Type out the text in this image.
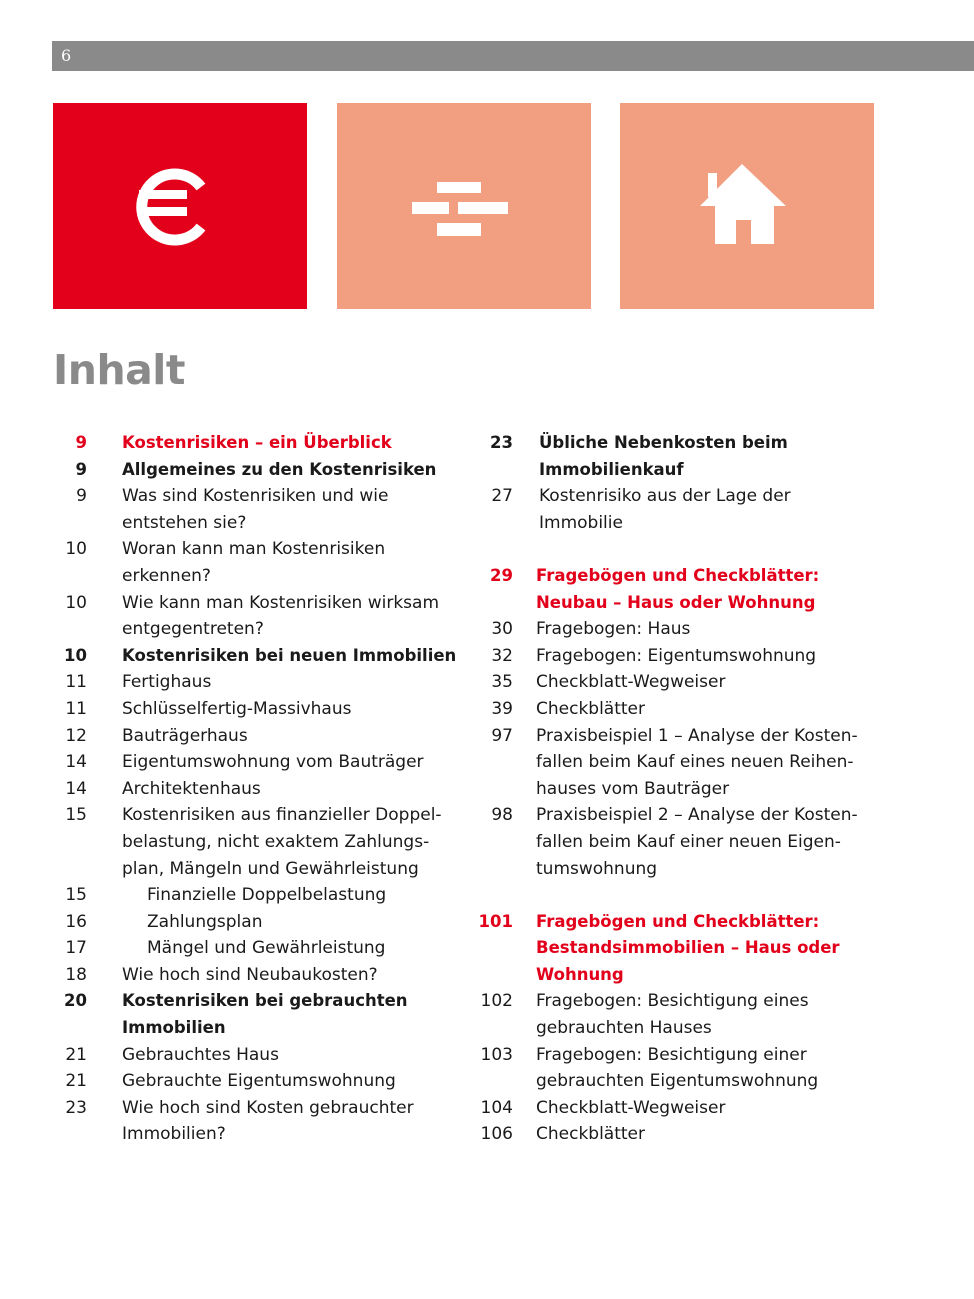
6
Inhalt
9 Kostenrisiken – ein Überblick
9 Allgemeines zu den Kostenrisiken
9 Was sind Kostenrisiken und wie
entstehen sie?
10 Woran kann man Kostenrisiken
erkennen?
10 Wie kann man Kostenrisiken wirksam
entgegentreten?
10 Kostenrisiken bei neuen Immobilien
11 Fertighaus
11 Schlüsselfertig-Massivhaus
12 Bauträgerhaus
14 Eigentumswohnung vom Bauträger
14 Architektenhaus
15 Kostenrisiken aus finanzieller Doppel-
belastung, nicht exaktem Zahlungs-
plan, Mängeln und Gewährleistung
15	Finanzielle Doppelbelastung
16	Zahlungsplan
17	Mängel und Gewährleistung
18 Wie hoch sind Neubaukosten?
20 Kostenrisiken bei gebrauchten
Immobilien
21 Gebrauchtes Haus
21 Gebrauchte Eigentumswohnung
23 Wie hoch sind Kosten gebrauchter
Immobilien?
23 Übliche Nebenkosten beim
Immobilienkauf
27 Kostenrisiko aus der Lage der
Immobilie
29 Fragebögen und Checkblätter:
Neubau – Haus oder Wohnung
30 Fragebogen: Haus
32 Fragebogen: Eigentumswohnung
35 Checkblatt-Wegweiser
39 Checkblätter
97 Praxisbeispiel 1 – Analyse der Kosten-
fallen beim Kauf eines neuen Reihen-
hauses vom Bauträger
98 Praxisbeispiel 2 – Analyse der Kosten-
fallen beim Kauf einer neuen Eigen-
tumswohnung
101 Fragebögen und Checkblätter:
Bestandsimmobilien – Haus oder
Wohnung
102 Fragebogen: Besichtigung eines
gebrauchten Hauses
103 Fragebogen: Besichtigung einer
gebrauchten Eigentumswohnung
104 Checkblatt-Wegweiser
106 Checkblätter
